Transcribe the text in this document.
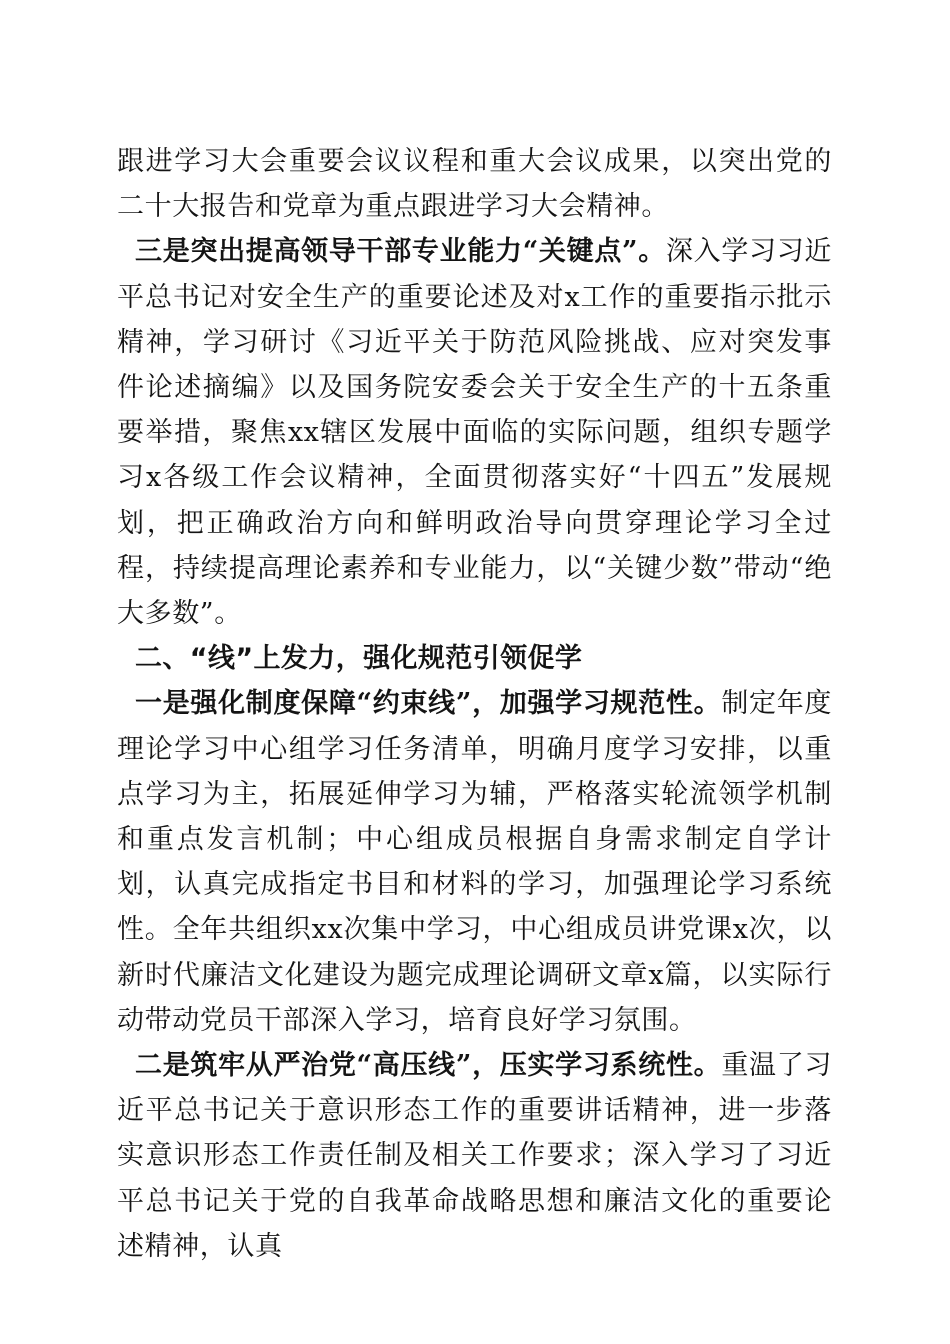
跟进学习大会重要会议议程和重大会议成果，以突出党的二十大报告和党章为重点跟进学习大会精神。

三是突出提高领导干部专业能力“关键点”。深入学习习近平总书记对安全生产的重要论述及对x工作的重要指示批示精神，学习研讨《习近平关于防范风险挑战、应对突发事件论述摘编》以及国务院安委会关于安全生产的十五条重要举措，聚焦xx辖区发展中面临的实际问题，组织专题学习x各级工作会议精神，全面贯彻落实好“十四五”发展规划，把正确政治方向和鲜明政治导向贯穿理论学习全过程，持续提高理论素养和专业能力，以“关键少数”带动“绝大多数”。

二、“线”上发力，强化规范引领促学

一是强化制度保障“约束线”，加强学习规范性。制定年度理论学习中心组学习任务清单，明确月度学习安排，以重点学习为主，拓展延伸学习为辅，严格落实轮流领学机制和重点发言机制；中心组成员根据自身需求制定自学计划，认真完成指定书目和材料的学习，加强理论学习系统性。全年共组织xx次集中学习，中心组成员讲党课x次，以新时代廉洁文化建设为题完成理论调研文章x篇，以实际行动带动党员干部深入学习，培育良好学习氛围。

二是筑牢从严治党“高压线”，压实学习系统性。重温了习近平总书记关于意识形态工作的重要讲话精神，进一步落实意识形态工作责任制及相关工作要求；深入学习了习近平总书记关于党的自我革命战略思想和廉洁文化的重要论述精神，认真
